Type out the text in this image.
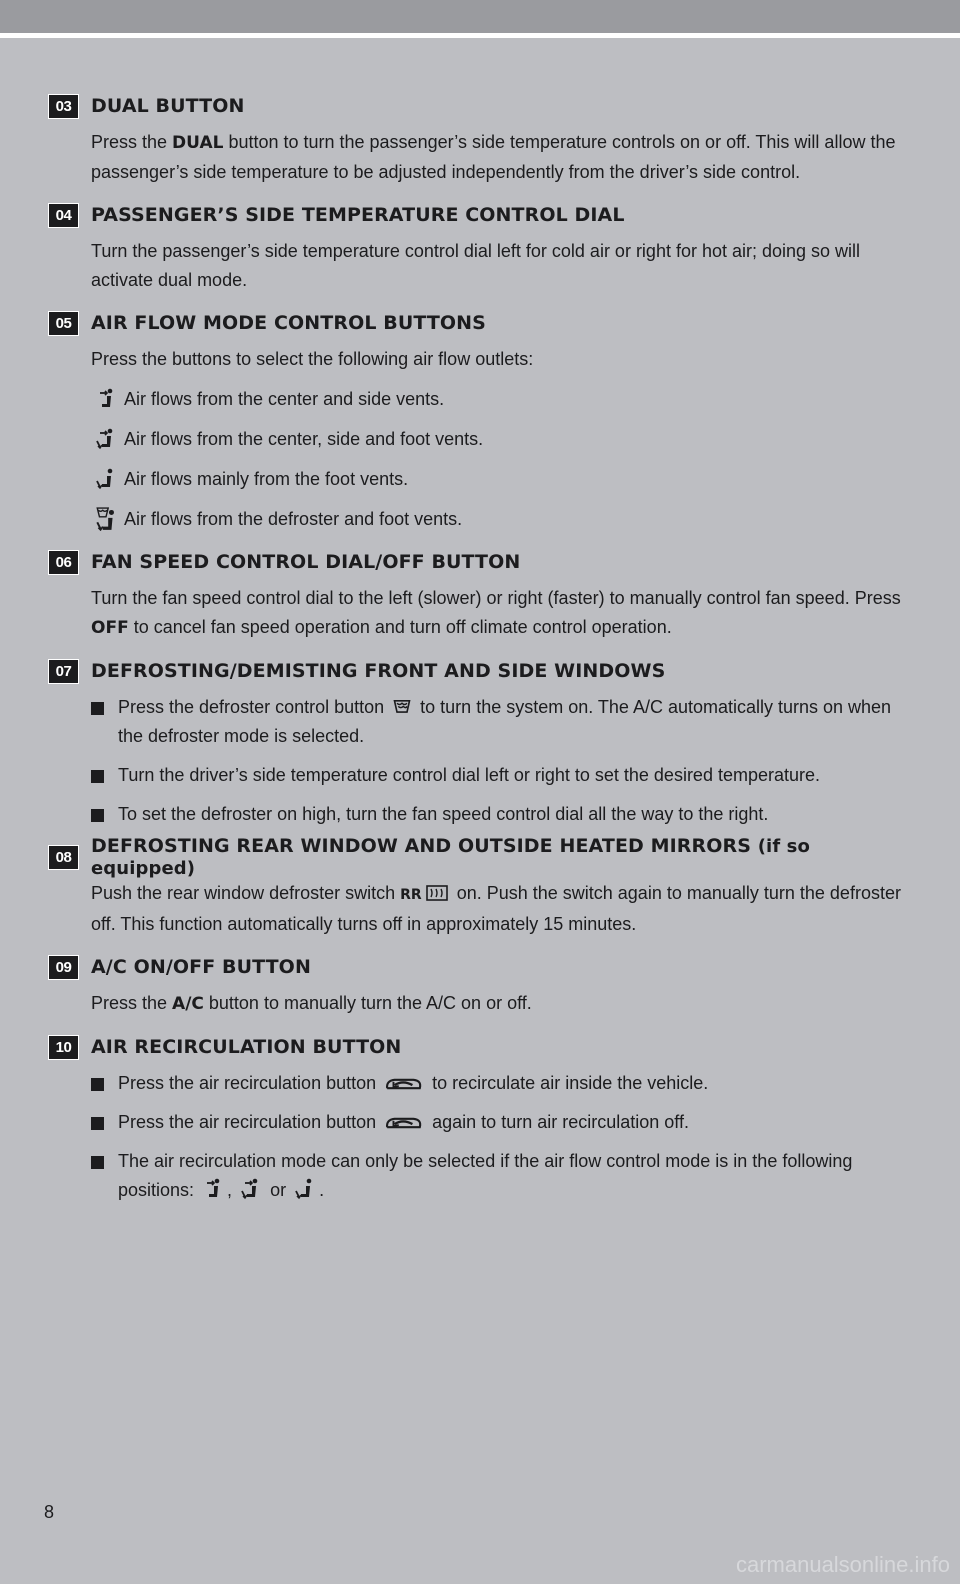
03	DUAL BUTTON
Press the DUAL button to turn the passenger’s side temperature controls on or off. This will allow the passenger’s side temperature to be adjusted independently from the driver’s side control.
04	PASSENGER’S SIDE TEMPERATURE CONTROL DIAL
Turn the passenger’s side temperature control dial left for cold air or right for hot air; doing so will activate dual mode.
05	AIR FLOW MODE CONTROL BUTTONS
Press the buttons to select the following air flow outlets:
Air flows from the center and side vents.
Air flows from the center, side and foot vents.
Air flows mainly from the foot vents.
Air flows from the defroster and foot vents.
06	FAN SPEED CONTROL DIAL/OFF BUTTON
Turn the fan speed control dial to the left (slower) or right (faster) to manually control fan speed. Press OFF to cancel fan speed operation and turn off climate control operation.
07	DEFROSTING/DEMISTING FRONT AND SIDE WINDOWS
Press the defroster control button  to turn the system on. The A/C automatically turns on when the defroster mode is selected.
Turn the driver’s side temperature control dial left or right to set the desired temperature.
To set the defroster on high, turn the fan speed control dial all the way to the right.
08	DEFROSTING REAR WINDOW AND OUTSIDE HEATED MIRRORS (if so equipped)
Push the rear window defroster switch RR on. Push the switch again to manually turn the defroster off. This function automatically turns off in approximately 15 minutes.
09	A/C ON/OFF BUTTON
Press the A/C button to manually turn the A/C on or off.
10	AIR RECIRCULATION BUTTON
Press the air recirculation button	to recirculate air inside the vehicle.
Press the air recirculation button	again to turn air recirculation off.
The air recirculation mode can only be selected if the air flow control mode is in the following positions: ,  or .
8
carmanualsonline.info
